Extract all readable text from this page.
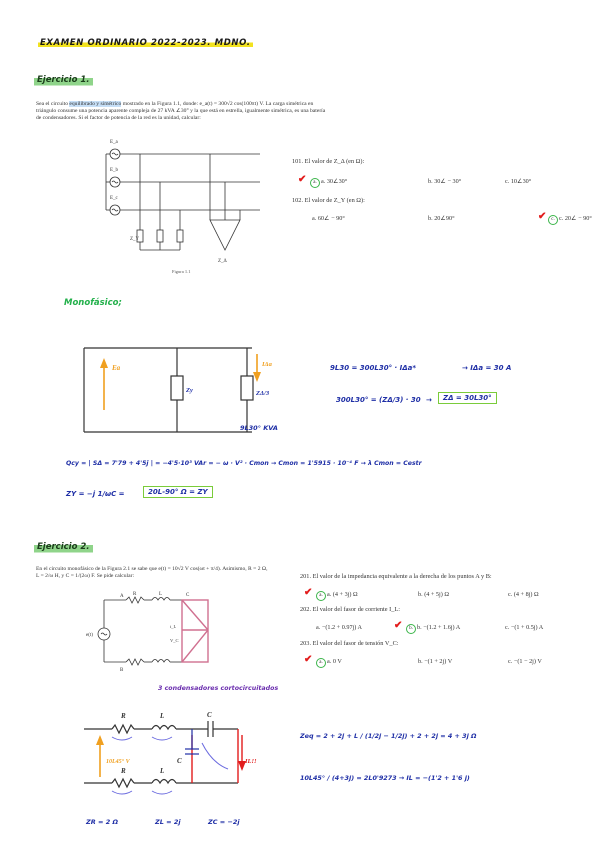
EXAMEN ORDINARIO 2022-2023. MDNO.
Ejercicio 1.
Sea el circuito equilibrado y simétrico mostrado en la Figura 1.1, donde: e_a(t) = 300√2 cos(100πt) V. La carga simétrica en triángulo consume una potencia aparente compleja de 27 kVA ∠30° y la que está en estrella, igualmente simétrica, es una batería de condensadores. Si el factor de potencia de la red es la unidad, calcular:
E_a
E_b
E_c
Z_Y
Z_Δ
Figura 1.1
101. El valor de Z_Δ (en Ω):
✔	a. a. 30∠30°	b. 30∠ − 30°	c. 10∠30°
102. El valor de Z_Y (en Ω):
a. 60∠ − 90°	b. 20∠90°	✔ c. c. 20∠ − 90°
Monofásico;
Ea
Zy	ZΔ/3
IΔa
9L30° KVA
9L30 = 300L30° · IΔa*	→ IΔa = 30 A
300L30° = (ZΔ/3) · 30 →	ZΔ = 30L30°
Qcy = | SΔ = 7'79 + 4'5j | = −4'5·10³ VAr = − ω · V² · Cmon → Cmon = 1'5915 · 10⁻⁴ F → λ Cmon = Cestr
ZY = −j 1/ωC =	20L-90° Ω = ZY
Ejercicio 2.
En el circuito monofásico de la Figura 2.1 se sabe que e(t) = 10√2 V cos(ωt + π/4). Asimismo, R = 2 Ω, L = 2/ω H, y C = 1/(2ω) F. Se pide calcular:
A
B
R	L	C
e(t)
i_L
V_C
3 condensadores cortocircuitados
201. El valor de la impedancia equivalente a la derecha de los puntos A y B:
✔	a. a. (4 + 3j) Ω	b. (4 + 5j) Ω	c. (4 + 8j) Ω
202. El valor del fasor de corriente I_L:
a. −(1.2 + 0.97j) A	✔	b. b. −(1.2 + 1.6j) A	c. −(1 + 0.5j) A
203. El valor del fasor de tensión V_C:
✔	a. a. 0 V	b. −(1 + 2j) V	c. −(1 − 2j) V
R	L	C
C
R	L
10L45° V	IL!!
Zeq = 2 + 2j + L / (1/2j − 1/2j) + 2 + 2j = 4 + 3j Ω
10L45° / (4+3j) = 2L0'9273 → IL = −(1'2 + 1'6 j)
ZR = 2 Ω	ZL = 2j	ZC = −2j
